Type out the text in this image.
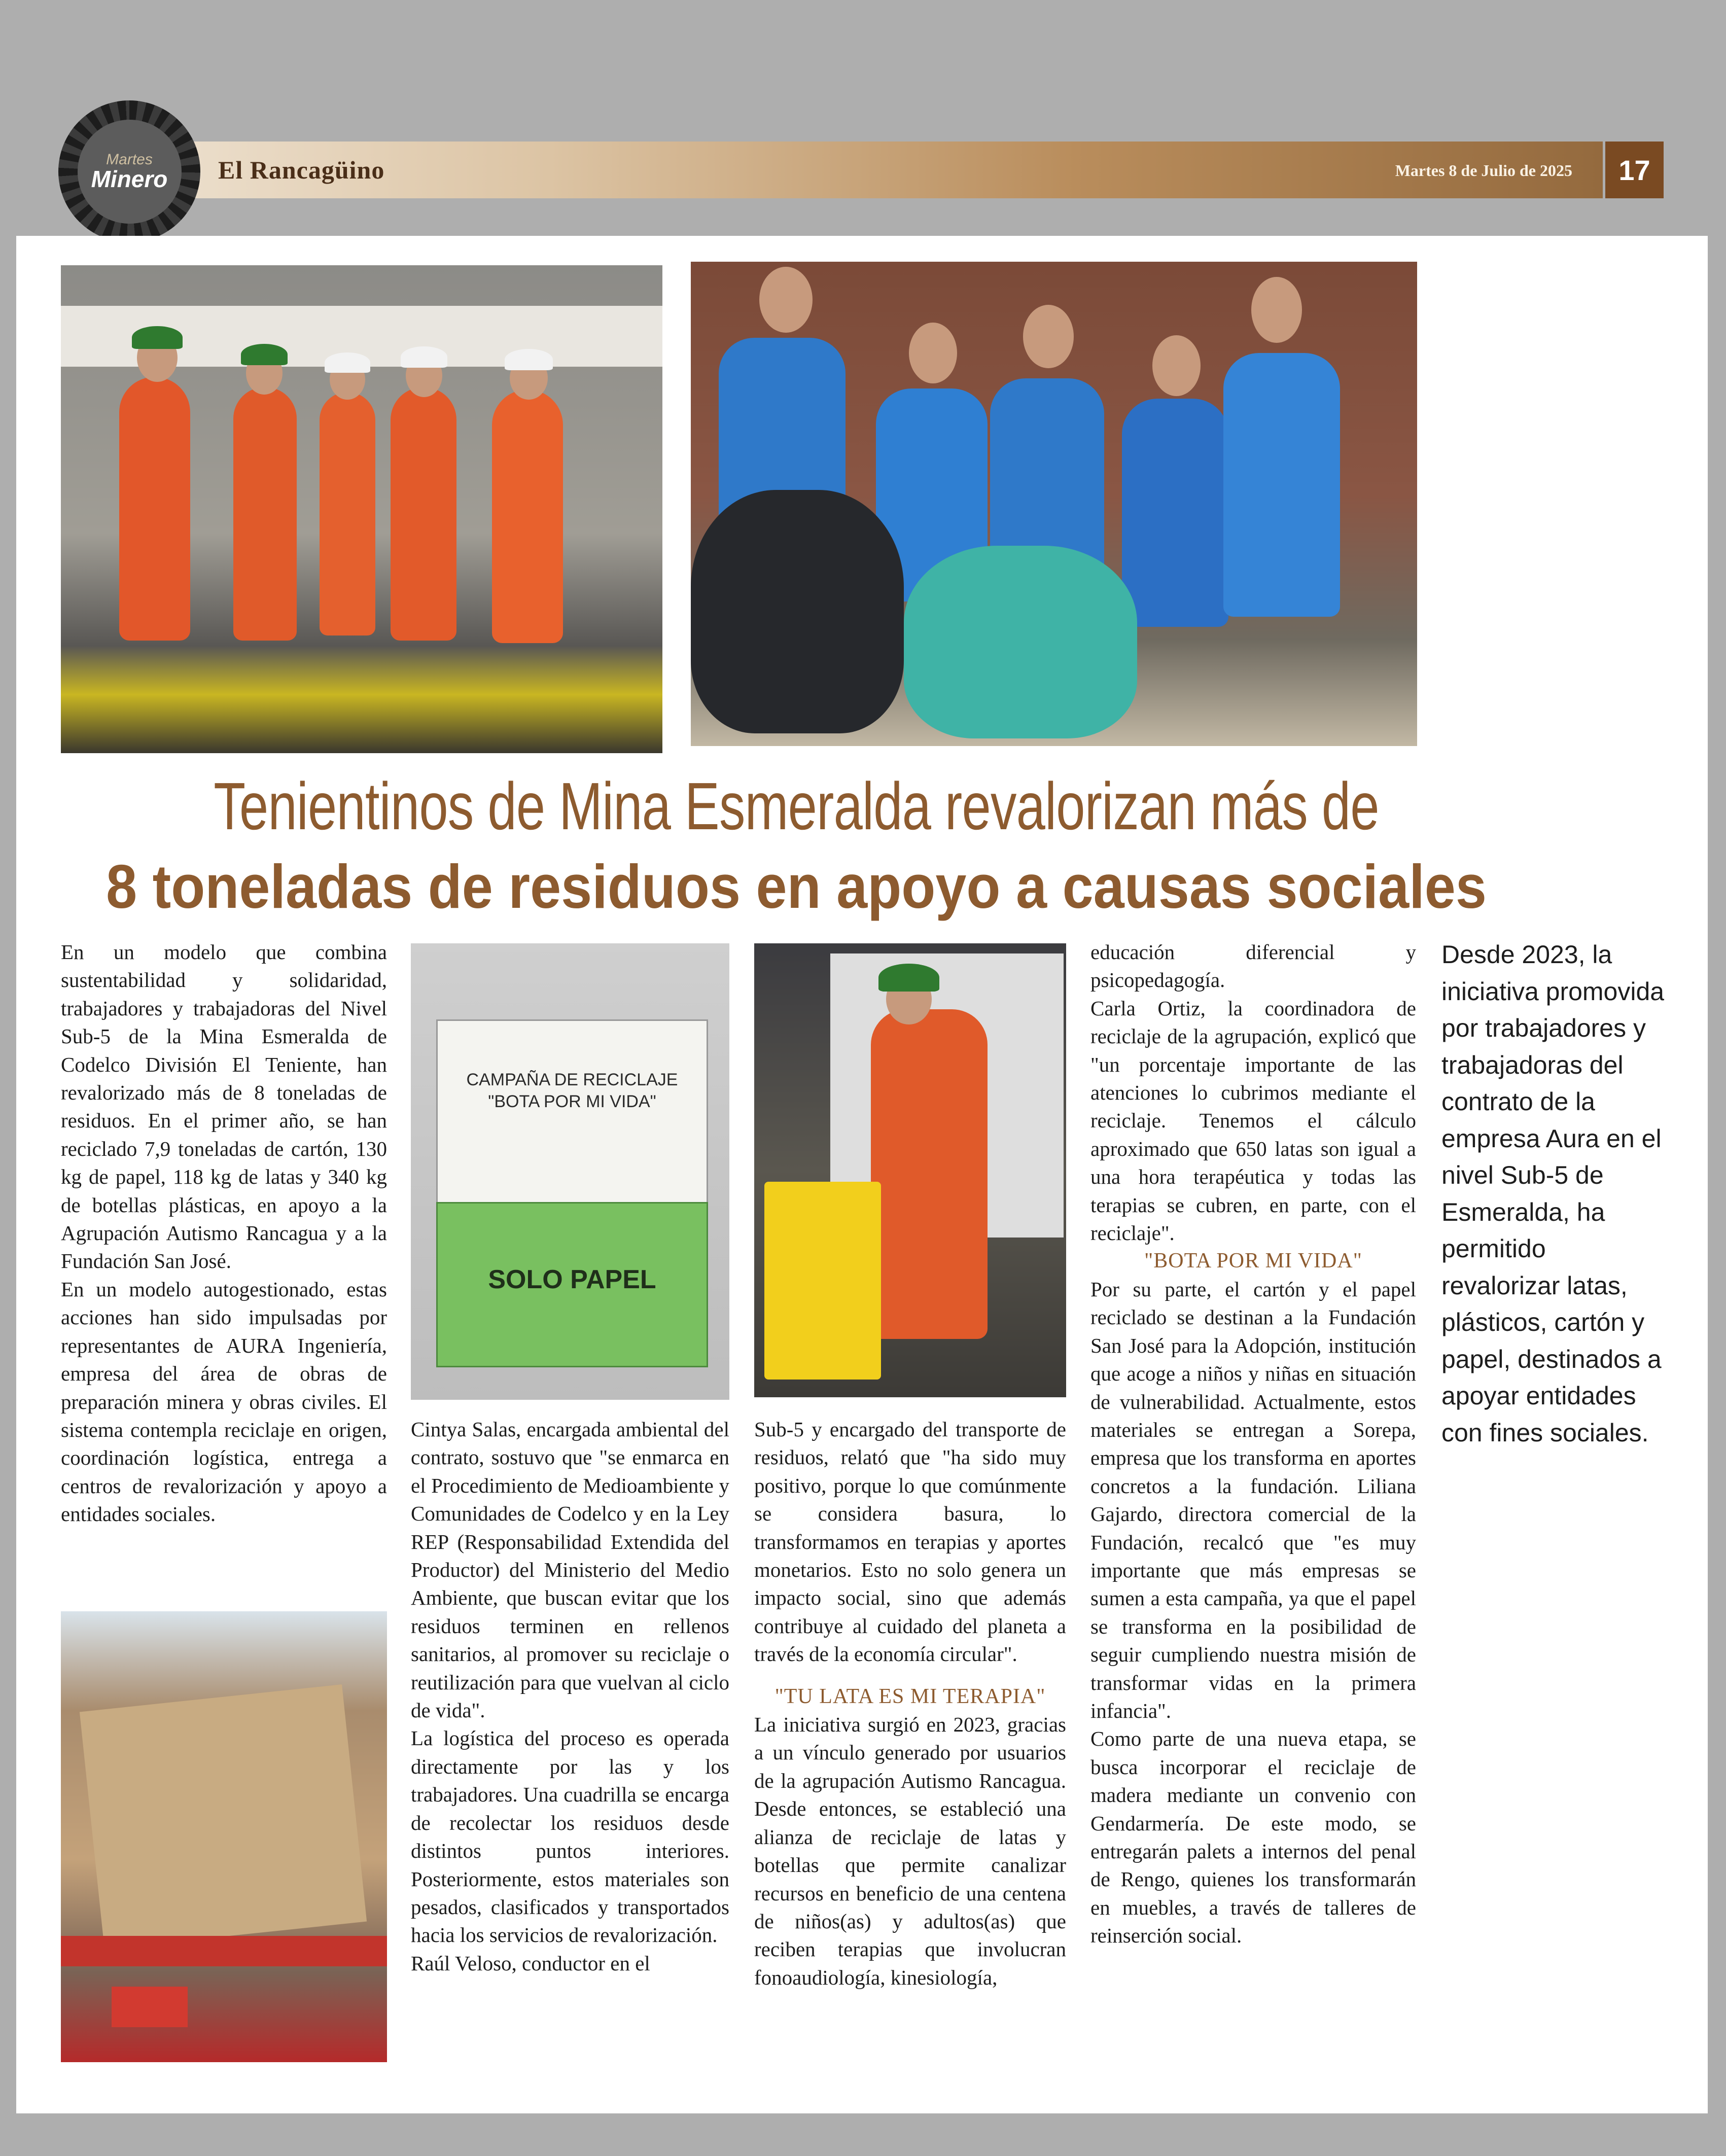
Martes
Minero El Rancagüino	Martes 8 de Julio de 2025	17
Tenientinos de Mina Esmeralda revalorizan más de
8 toneladas de residuos en apoyo a causas sociales

En un modelo que combina sustentabilidad y solidaridad, trabajadores y trabajadoras del Nivel Sub-5 de la Mina Esmeralda de Codelco División El Teniente, han revalorizado más de 8 toneladas de residuos. En el primer año, se han reciclado 7,9 toneladas de cartón, 130 kg de papel, 118 kg de latas y 340 kg de botellas plásticas, en apoyo a la Agrupación Autismo Rancagua y a la Fundación San José.

En un modelo autogestionado, estas acciones han sido impulsadas por representantes de AURA Ingeniería, empresa del área de obras de preparación minera y obras civiles. El sistema contempla reciclaje en origen, coordinación logística, entrega a centros de revalorización y apoyo a entidades sociales.

CAMPAÑA DE RECICLAJE
"BOTA POR MI VIDA"
SOLO PAPEL

Cintya Salas, encargada ambiental del contrato, sostuvo que "se enmarca en el Procedimiento de Medioambiente y Comunidades de Codelco y en la Ley REP (Responsabilidad Extendida del Productor) del Ministerio del Medio Ambiente, que buscan evitar que los residuos terminen en rellenos sanitarios, al promover su reciclaje o reutilización para que vuelvan al ciclo de vida".

La logística del proceso es operada directamente por las y los trabajadores. Una cuadrilla se encarga de recolectar los residuos desde distintos puntos interiores. Posteriormente, estos materiales son pesados, clasificados y transportados hacia los servicios de revalorización.

Raúl Veloso, conductor en el

Sub-5 y encargado del transporte de residuos, relató que "ha sido muy positivo, porque lo que comúnmente se considera basura, lo transformamos en terapias y aportes monetarios. Esto no solo genera un impacto social, sino que además contribuye al cuidado del planeta a través de la economía circular".

"TU LATA ES MI TERAPIA"

La iniciativa surgió en 2023, gracias a un vínculo generado por usuarios de la agrupación Autismo Rancagua. Desde entonces, se estableció una alianza de reciclaje de latas y botellas que permite canalizar recursos en beneficio de una centena de niños(as) y adultos(as) que reciben terapias que involucran fonoaudiología, kinesiología,

educación diferencial y psicopedagogía.

Carla Ortiz, la coordinadora de reciclaje de la agrupación, explicó que "un porcentaje importante de las atenciones lo cubrimos mediante el reciclaje. Tenemos el cálculo aproximado que 650 latas son igual a una hora terapéutica y todas las terapias se cubren, en parte, con el reciclaje".

"BOTA POR MI VIDA"

Por su parte, el cartón y el papel reciclado se destinan a la Fundación San José para la Adopción, institución que acoge a niños y niñas en situación de vulnerabilidad. Actualmente, estos materiales se entregan a Sorepa, empresa que los transforma en aportes concretos a la fundación. Liliana Gajardo, directora comercial de la Fundación, recalcó que "es muy importante que más empresas se sumen a esta campaña, ya que el papel se transforma en la posibilidad de seguir cumpliendo nuestra misión de transformar vidas en la primera infancia".

Como parte de una nueva etapa, se busca incorporar el reciclaje de madera mediante un convenio con Gendarmería. De este modo, se entregarán palets a internos del penal de Rengo, quienes los transformarán en muebles, a través de talleres de reinserción social.

Desde 2023, la iniciativa promovida por trabajadores y trabajadoras del contrato de la empresa Aura en el nivel Sub-5 de Esmeralda, ha permitido revalorizar latas, plásticos, cartón y papel, destinados a apoyar entidades con fines sociales.
